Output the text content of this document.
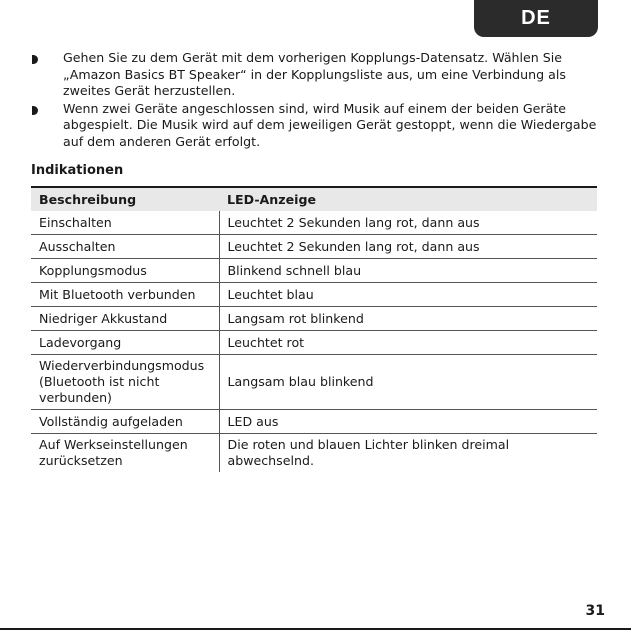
DE
Gehen Sie zu dem Gerät mit dem vorherigen Kopplungs-Datensatz. Wählen Sie „Amazon Basics BT Speaker“ in der Kopplungsliste aus, um eine Verbindung als zweites Gerät herzustellen.
Wenn zwei Geräte angeschlossen sind, wird Musik auf einem der beiden Geräte abgespielt. Die Musik wird auf dem jeweiligen Gerät gestoppt, wenn die Wiedergabe auf dem anderen Gerät erfolgt.
Indikationen
Beschreibung	LED-Anzeige
Einschalten	Leuchtet 2 Sekunden lang rot, dann aus
Ausschalten	Leuchtet 2 Sekunden lang rot, dann aus
Kopplungsmodus	Blinkend schnell blau
Mit Bluetooth verbunden	Leuchtet blau
Niedriger Akkustand	Langsam rot blinkend
Ladevorgang	Leuchtet rot
Wiederverbindungsmodus (Bluetooth ist nicht verbunden)	Langsam blau blinkend
Vollständig aufgeladen	LED aus
Auf Werkseinstellungen zurücksetzen	Die roten und blauen Lichter blinken dreimal abwechselnd.
31
